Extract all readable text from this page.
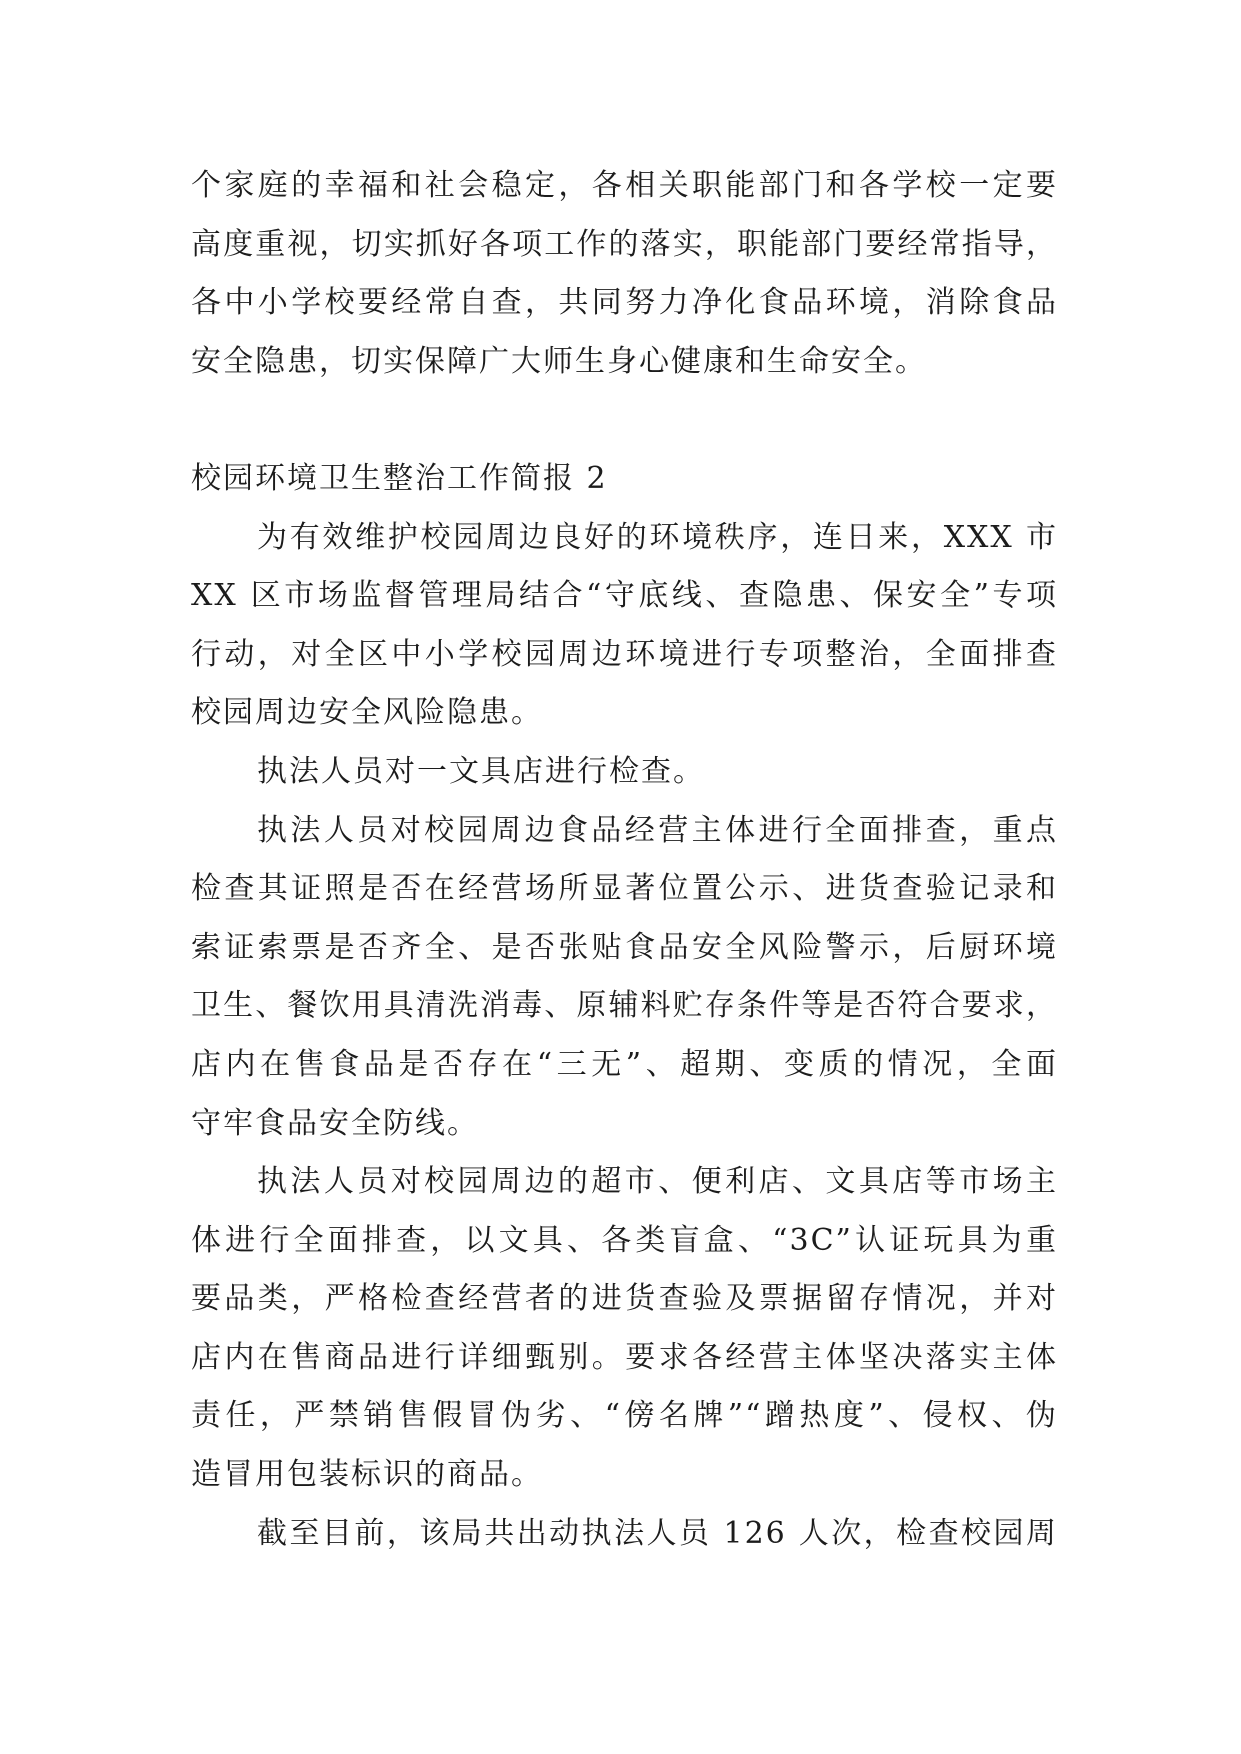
个家庭的幸福和社会稳定，各相关职能部门和各学校一定要
高度重视，切实抓好各项工作的落实，职能部门要经常指导，
各中小学校要经常自查，共同努力净化食品环境，消除食品
安全隐患，切实保障广大师生身心健康和生命安全。
校园环境卫生整治工作简报 2
为有效维护校园周边良好的环境秩序，连日来，XXX 市
XX 区市场监督管理局结合“守底线、查隐患、保安全”专项
行动，对全区中小学校园周边环境进行专项整治，全面排查
校园周边安全风险隐患。
执法人员对一文具店进行检查。
执法人员对校园周边食品经营主体进行全面排查，重点
检查其证照是否在经营场所显著位置公示、进货查验记录和
索证索票是否齐全、是否张贴食品安全风险警示，后厨环境
卫生、餐饮用具清洗消毒、原辅料贮存条件等是否符合要求，
店内在售食品是否存在“三无”、超期、变质的情况，全面
守牢食品安全防线。
执法人员对校园周边的超市、便利店、文具店等市场主
体进行全面排查，以文具、各类盲盒、“3C”认证玩具为重
要品类，严格检查经营者的进货查验及票据留存情况，并对
店内在售商品进行详细甄别。要求各经营主体坚决落实主体
责任，严禁销售假冒伪劣、“傍名牌”“蹭热度”、侵权、伪
造冒用包装标识的商品。
截至目前，该局共出动执法人员 126 人次，检查校园周
